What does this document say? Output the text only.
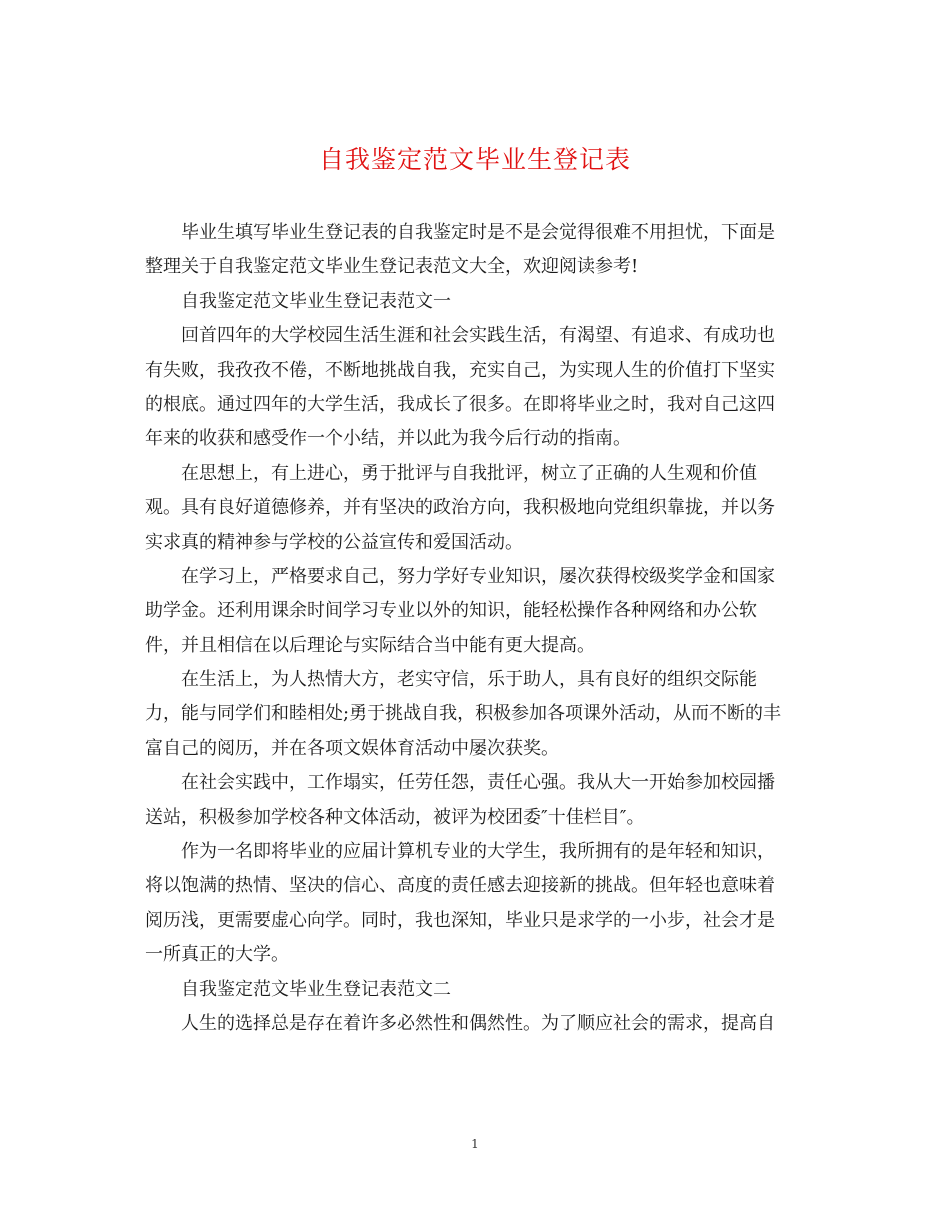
自我鉴定范文毕业生登记表
毕业生填写毕业生登记表的自我鉴定时是不是会觉得很难不用担忧，下面是
整理关于自我鉴定范文毕业生登记表范文大全，欢迎阅读参考!
自我鉴定范文毕业生登记表范文一
回首四年的大学校园生活生涯和社会实践生活，有渴望、有追求、有成功也
有失败，我孜孜不倦，不断地挑战自我，充实自己，为实现人生的价值打下坚实
的根底。通过四年的大学生活，我成长了很多。在即将毕业之时，我对自己这四
年来的收获和感受作一个小结，并以此为我今后行动的指南。
在思想上，有上进心，勇于批评与自我批评，树立了正确的人生观和价值
观。具有良好道德修养，并有坚决的政治方向，我积极地向党组织靠拢，并以务
实求真的精神参与学校的公益宣传和爱国活动。
在学习上，严格要求自己，努力学好专业知识，屡次获得校级奖学金和国家
助学金。还利用课余时间学习专业以外的知识，能轻松操作各种网络和办公软
件，并且相信在以后理论与实际结合当中能有更大提高。
在生活上，为人热情大方，老实守信，乐于助人，具有良好的组织交际能
力，能与同学们和睦相处;勇于挑战自我，积极参加各项课外活动，从而不断的丰
富自己的阅历，并在各项文娱体育活动中屡次获奖。
在社会实践中，工作塌实，任劳任怨，责任心强。我从大一开始参加校园播
送站，积极参加学校各种文体活动，被评为校团委″十佳栏目″。
作为一名即将毕业的应届计算机专业的大学生，我所拥有的是年轻和知识，
将以饱满的热情、坚决的信心、高度的责任感去迎接新的挑战。但年轻也意味着
阅历浅，更需要虚心向学。同时，我也深知，毕业只是求学的一小步，社会才是
一所真正的大学。
自我鉴定范文毕业生登记表范文二
人生的选择总是存在着许多必然性和偶然性。为了顺应社会的需求，提高自
1
